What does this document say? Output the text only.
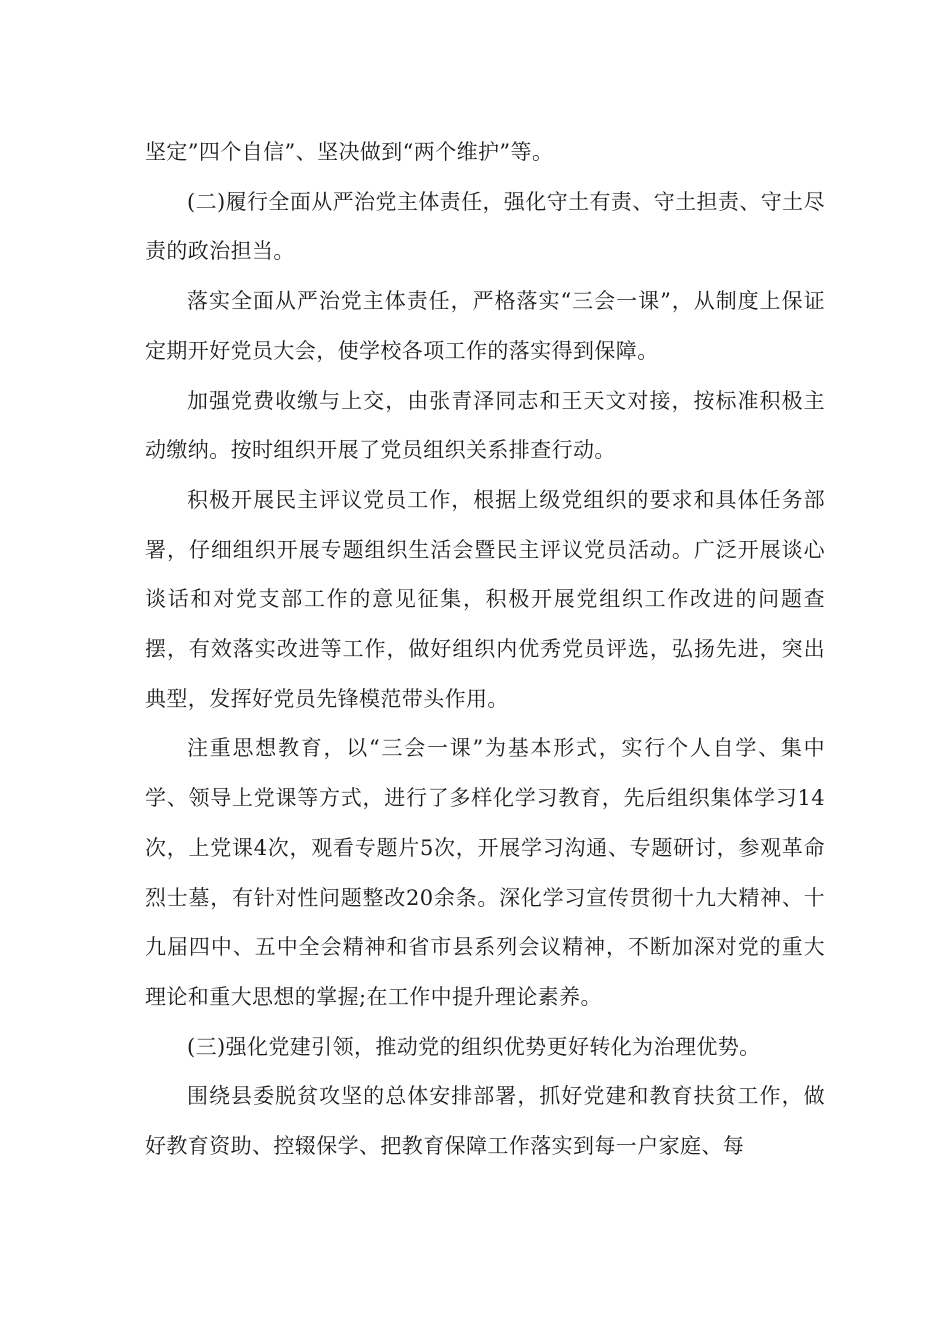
坚定”四个自信”、坚决做到“两个维护”等。

(二)履行全面从严治党主体责任，强化守土有责、守土担责、守土尽责的政治担当。

落实全面从严治党主体责任，严格落实“三会一课”，从制度上保证定期开好党员大会，使学校各项工作的落实得到保障。

加强党费收缴与上交，由张青泽同志和王天文对接，按标准积极主动缴纳。按时组织开展了党员组织关系排查行动。

积极开展民主评议党员工作，根据上级党组织的要求和具体任务部署，仔细组织开展专题组织生活会暨民主评议党员活动。广泛开展谈心谈话和对党支部工作的意见征集，积极开展党组织工作改进的问题查摆，有效落实改进等工作，做好组织内优秀党员评选，弘扬先进，突出典型，发挥好党员先锋模范带头作用。

注重思想教育，以“三会一课”为基本形式，实行个人自学、集中学、领导上党课等方式，进行了多样化学习教育，先后组织集体学习14次，上党课4次，观看专题片5次，开展学习沟通、专题研讨，参观革命烈士墓，有针对性问题整改20余条。深化学习宣传贯彻十九大精神、十九届四中、五中全会精神和省市县系列会议精神，不断加深对党的重大理论和重大思想的掌握;在工作中提升理论素养。

(三)强化党建引领，推动党的组织优势更好转化为治理优势。

围绕县委脱贫攻坚的总体安排部署，抓好党建和教育扶贫工作，做好教育资助、控辍保学、把教育保障工作落实到每一户家庭、每
